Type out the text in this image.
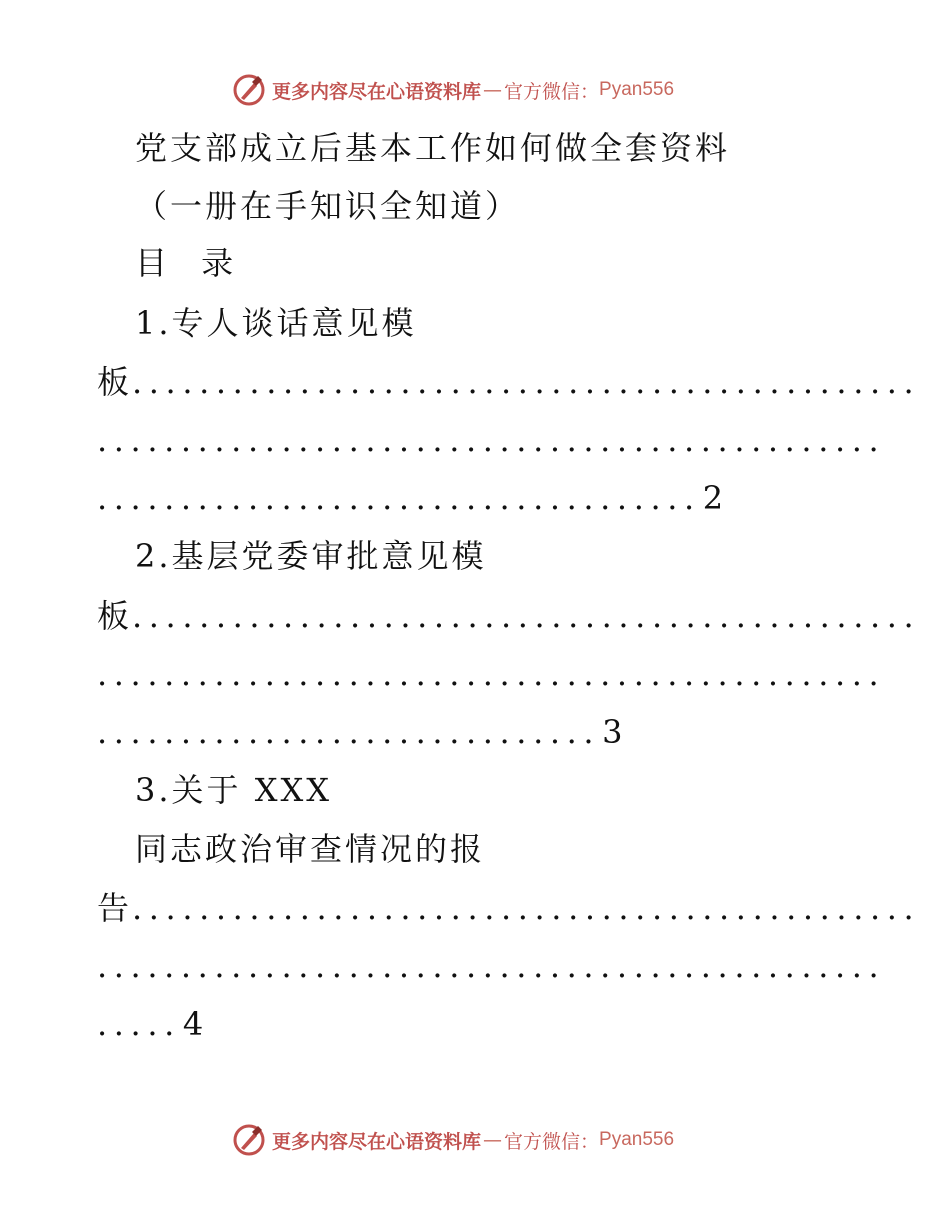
更多内容尽在心语资料库 — 官方微信： Pyan556
党支部成立后基本工作如何做全套资料
（一册在手知识全知道）
目 录
1.专人谈话意见模
板...............................................
...............................................
....................................2
2.基层党委审批意见模
板...............................................
...............................................
..............................3
3.关于 XXX
同志政治审查情况的报
告...............................................
...............................................
.....4
更多内容尽在心语资料库 — 官方微信： Pyan556
